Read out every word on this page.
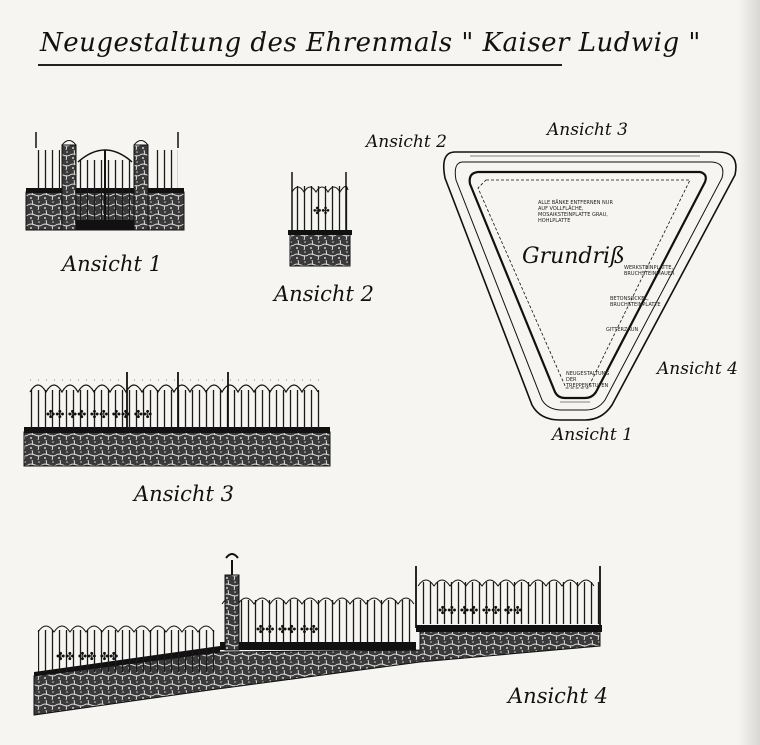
Neugestaltung des Ehrenmals " Kaiser Ludwig "
✤✤
✤✤ ✤✤ ✤✤ ✤✤ ✤✤
✤✤ ✤✤ ✤✤
✤✤ ✤✤ ✤✤
✤✤ ✤✤ ✤✤ ✤✤
Ansicht 1
Ansicht 2
Ansicht 3
Ansicht 4
Ansicht 3
Ansicht 2
Ansicht 4
Ansicht 1
Grundriß
ALLE BÄNKE ENTFERNEN NUR AUF VOLLFLÄCHE, MOSAIKSTEINPLATTE GRAU, HOHLPLATTE
WERKSTEINPLATTE, BRUCHSTEINMAUER
BETONSOCKEL, BRUCHSTEINPLATTE
GITTERZAUN
NEUGESTALTUNG DER TREPPENSTUFEN
